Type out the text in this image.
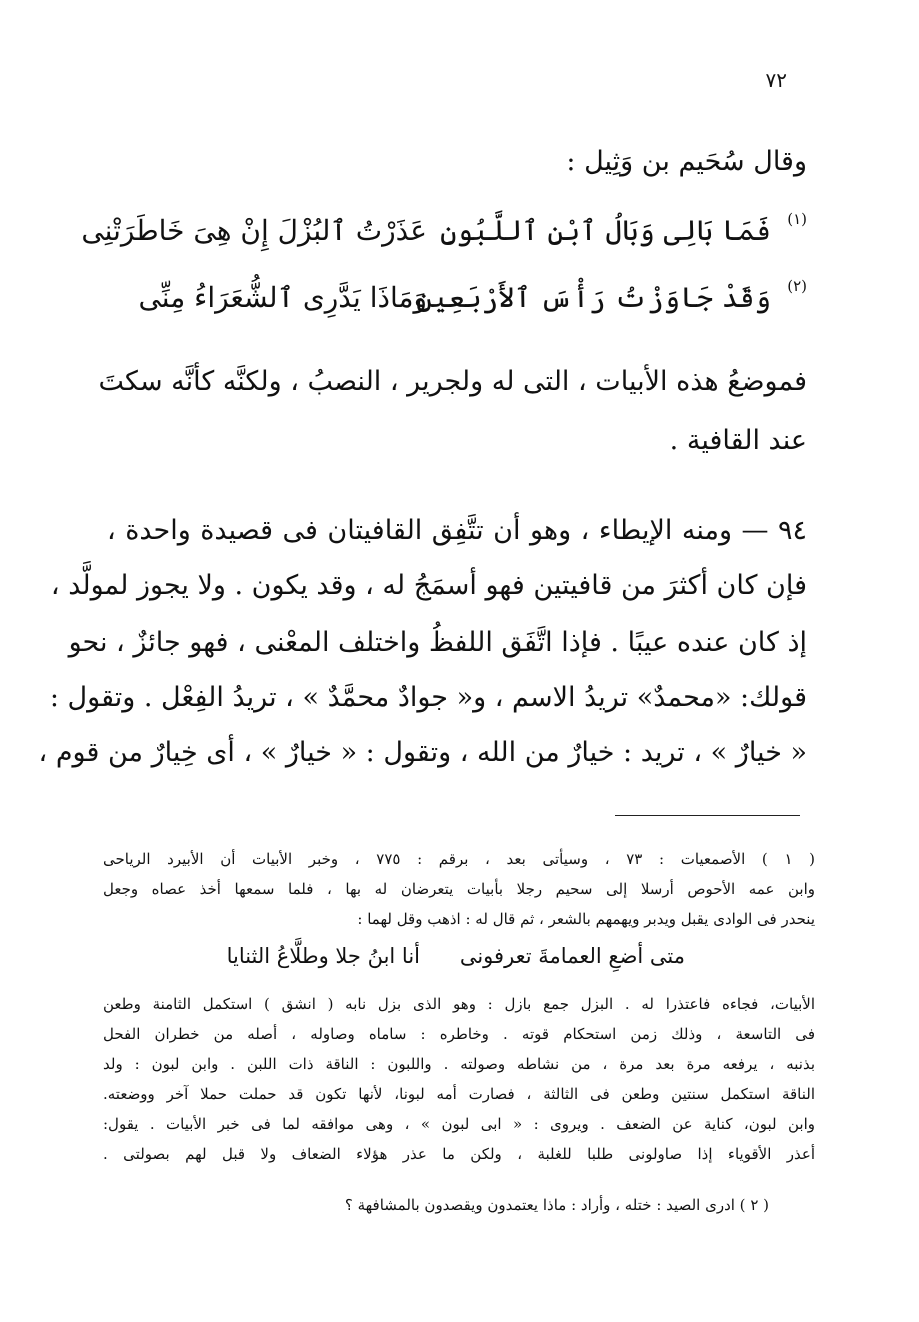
٧٢
وقال سُحَيم بن وَثِيل :
(١)
فَمَا بَالِى وَبَالُ ٱبْنِ ٱللَّبُونِ
عَذَرْتُ ٱلبُزْلَ إِنْ هِىَ خَاطَرَتْنِى
(٢)
وَقَدْ جَاوَزْتُ رَأْسَ ٱلأَرْبَعِينِ
وَمَاذَا يَدَّرِى ٱلشُّعَرَاءُ مِنِّى
فموضعُ هذه الأبيات ، التى له ولجرير ، النصبُ ، ولكنَّه كأنَّه سكتَ
عند القافية .
٩٤ — ومنه الإيطاء ، وهو أن تتَّفِق القافيتان فى قصيدة واحدة ،
فإن كان أكثرَ من قافيتين فهو أسمَجُ له ، وقد يكون . ولا يجوز لمولَّد ،
إذ كان عنده عيبًا . فإذا اتَّفَق اللفظُ واختلف المعْنى ، فهو جائزٌ ، نحو
قولك: «محمدٌ» تريدُ الاسم ، و« جوادٌ محمَّدٌ » ، تريدُ الفِعْل . وتقول :
« خيارٌ » ، تريد : خيارٌ من الله ، وتقول : « خيارٌ » ، أى خِيارٌ من قوم ،
( ١ ) الأصمعيات : ٧٣ ، وسيأتى بعد ، برقم : ٧٧٥ ، وخبر الأبيات أن الأبيرد الرياحى
وابن عمه الأحوص أرسلا إلى سحيم رجلا بأبيات يتعرضان له بها ، فلما سمعها أخذ عصاه وجعل
ينحدر فى الوادى يقبل ويدبر ويهمهم بالشعر ، ثم قال له : اذهب وقل لهما :
متى أضعِ العمامةَ تعرفونى
أنا ابنُ جلا وطلَّاعُ الثنايا
الأبيات، فجاءه فاعتذرا له . البزل جمع بازل : وهو الذى بزل نابه ( انشق ) استكمل الثامنة وطعن
فى التاسعة ، وذلك زمن استحكام قوته . وخاطره : ساماه وصاوله ، أصله من خطران الفحل
بذنبه ، يرفعه مرة بعد مرة ، من نشاطه وصولته . واللبون : الناقة ذات اللبن . وابن لبون : ولد
الناقة استكمل سنتين وطعن فى الثالثة ، فصارت أمه لبونا، لأنها تكون قد حملت حملا آخر ووضعته.
وابن لبون، كناية عن الضعف . ويروى : « ابى لبون » ، وهى موافقه لما فى خبر الأبيات . يقول:
أعذر الأقوياء إذا صاولونى طلبا للغلبة ، ولكن ما عذر هؤلاء الضعاف ولا قبل لهم بصولتى .
( ٢ ) ادرى الصيد : ختله ، وأراد : ماذا يعتمدون ويقصدون بالمشافهة ؟
